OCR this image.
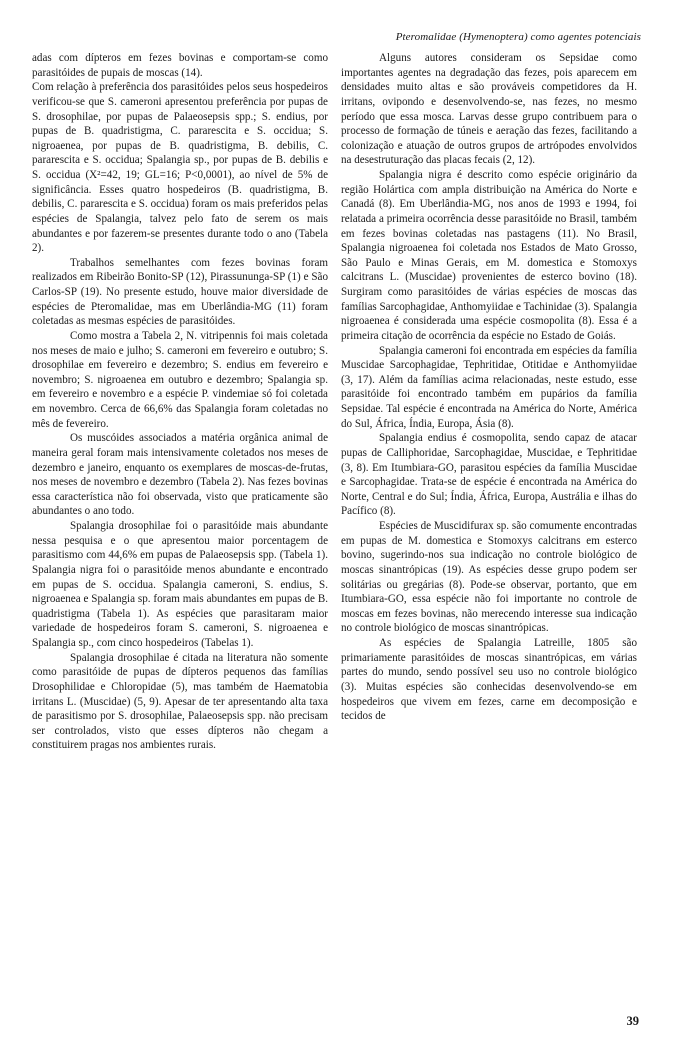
Pteromalidae (Hymenoptera) como agentes potenciais

adas com dípteros em fezes bovinas e comportam-se como parasitóides de pupais de moscas (14).

Com relação à preferência dos parasitóides pelos seus hospedeiros verificou-se que S. cameroni apresentou preferência por pupas de S. drosophilae, por pupas de Palaeosepsis spp.; S. endius, por pupas de B. quadristigma, C. pararescita e S. occidua; S. nigroaenea, por pupas de B. quadristigma, B. debilis, C. pararescita e S. occidua; Spalangia sp., por pupas de B. debilis e S. occidua (X²=42, 19; GL=16; P<0,0001), ao nível de 5% de significância. Esses quatro hospedeiros (B. quadristigma, B. debilis, C. pararescita e S. occidua) foram os mais preferidos pelas espécies de Spalangia, talvez pelo fato de serem os mais abundantes e por fazerem-se presentes durante todo o ano (Tabela 2).

Trabalhos semelhantes com fezes bovinas foram realizados em Ribeirão Bonito-SP (12), Pirassununga-SP (1) e São Carlos-SP (19). No presente estudo, houve maior diversidade de espécies de Pteromalidae, mas em Uberlândia-MG (11) foram coletadas as mesmas espécies de parasitóides.

Como mostra a Tabela 2, N. vitripennis foi mais coletada nos meses de maio e julho; S. cameroni em fevereiro e outubro; S. drosophilae em fevereiro e dezembro; S. endius em fevereiro e novembro; S. nigroaenea em outubro e dezembro; Spalangia sp. em fevereiro e novembro e a espécie P. vindemiae só foi coletada em novembro. Cerca de 66,6% das Spalangia foram coletadas no mês de fevereiro.

Os muscóides associados a matéria orgânica animal de maneira geral foram mais intensivamente coletados nos meses de dezembro e janeiro, enquanto os exemplares de moscas-de-frutas, nos meses de novembro e dezembro (Tabela 2). Nas fezes bovinas essa característica não foi observada, visto que praticamente são abundantes o ano todo.

Spalangia drosophilae foi o parasitóide mais abundante nessa pesquisa e o que apresentou maior porcentagem de parasitismo com 44,6% em pupas de Palaeosepsis spp. (Tabela 1). Spalangia nigra foi o parasitóide menos abundante e encontrado em pupas de S. occidua. Spalangia cameroni, S. endius, S. nigroaenea e Spalangia sp. foram mais abundantes em pupas de B. quadristigma (Tabela 1). As espécies que parasitaram maior variedade de hospedeiros foram S. cameroni, S. nigroaenea e Spalangia sp., com cinco hospedeiros (Tabelas 1).

Spalangia drosophilae é citada na literatura não somente como parasitóide de pupas de dípteros pequenos das famílias Drosophilidae e Chloropidae (5), mas também de Haematobia irritans L. (Muscidae) (5, 9). Apesar de ter apresentando alta taxa de parasitismo por S. drosophilae, Palaeosepsis spp. não precisam ser controlados, visto que esses dípteros não chegam a constituirem pragas nos ambientes rurais.

Alguns autores consideram os Sepsidae como importantes agentes na degradação das fezes, pois aparecem em densidades muito altas e são prováveis competidores da H. irritans, ovipondo e desenvolvendo-se, nas fezes, no mesmo período que essa mosca. Larvas desse grupo contribuem para o processo de formação de túneis e aeração das fezes, facilitando a colonização e atuação de outros grupos de artrópodes envolvidos na desestruturação das placas fecais (2, 12).

Spalangia nigra é descrito como espécie originário da região Holártica com ampla distribuição na América do Norte e Canadá (8). Em Uberlândia-MG, nos anos de 1993 e 1994, foi relatada a primeira ocorrência desse parasitóide no Brasil, também em fezes bovinas coletadas nas pastagens (11). No Brasil, Spalangia nigroaenea foi coletada nos Estados de Mato Grosso, São Paulo e Minas Gerais, em M. domestica e Stomoxys calcitrans L. (Muscidae) provenientes de esterco bovino (18). Surgiram como parasitóides de várias espécies de moscas das famílias Sarcophagidae, Anthomyiidae e Tachinidae (3). Spalangia nigroaenea é considerada uma espécie cosmopolita (8). Essa é a primeira citação de ocorrência da espécie no Estado de Goiás.

Spalangia cameroni foi encontrada em espécies da família Muscidae Sarcophagidae, Tephritidae, Otitidae e Anthomyiidae (3, 17). Além da famílias acima relacionadas, neste estudo, esse parasitóide foi encontrado também em pupários da família Sepsidae. Tal espécie é encontrada na América do Norte, América do Sul, África, Índia, Europa, Ásia (8).

Spalangia endius é cosmopolita, sendo capaz de atacar pupas de Calliphoridae, Sarcophagidae, Muscidae, e Tephritidae (3, 8). Em Itumbiara-GO, parasitou espécies da família Muscidae e Sarcophagidae. Trata-se de espécie é encontrada na América do Norte, Central e do Sul; Índia, África, Europa, Austrália e ilhas do Pacífico (8).

Espécies de Muscidifurax sp. são comumente encontradas em pupas de M. domestica e Stomoxys calcitrans em esterco bovino, sugerindo-nos sua indicação no controle biológico de moscas sinantrópicas (19). As espécies desse grupo podem ser solitárias ou gregárias (8). Pode-se observar, portanto, que em Itumbiara-GO, essa espécie não foi importante no controle de moscas em fezes bovinas, não merecendo interesse sua indicação no controle biológico de moscas sinantrópicas.

As espécies de Spalangia Latreille, 1805 são primariamente parasitóides de moscas sinantrópicas, em várias partes do mundo, sendo possível seu uso no controle biológico (3). Muitas espécies são conhecidas desenvolvendo-se em hospedeiros que vivem em fezes, carne em decomposição e tecidos de

39
